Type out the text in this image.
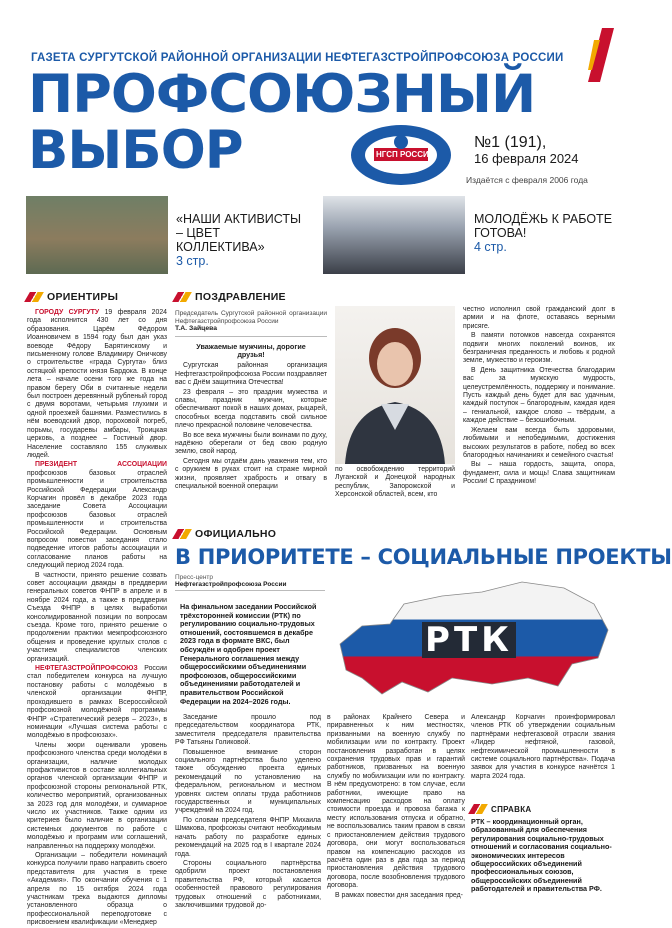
ГАЗЕТА СУРГУТСКОЙ РАЙОННОЙ ОРГАНИЗАЦИИ НЕФТЕГАЗСТРОЙПРОФСОЮЗА РОССИИ
ПРОФСОЮЗНЫЙ
ВЫБОР	НГСП РОССИИ
№1 (191),
16 февраля 2024
Издаётся с февраля 2006 года
«НАШИ АКТИВИСТЫ – ЦВЕТ КОЛЛЕКТИВА»
3 стр.
МОЛОДЁЖЬ К РАБОТЕ ГОТОВА!
4 стр.
ОРИЕНТИРЫ

ГОРОДУ СУРГУТУ 19 февраля 2024 года исполнится 430 лет со дня образования. Царём Фёдором Иоанновичем в 1594 году был дан указ воеводе Фёдору Барятинскому и письменному голове Владимиру Оничкову о строительстве «града Сургута» близ остяцкой крепости князя Бардока. В конце лета – начале осени того же года на правом берегу Оби в считанные недели был построен деревянный рубленый город с двумя воротами, четырьмя глухими и одной проезжей башнями. Разместились в нём воеводский двор, пороховой погреб, порьмы, государевы амбары, Троицкая церковь, а позднее – Гостиный двор. Население составляло 155 служивых людей.

ПРЕЗИДЕНТ АССОЦИАЦИИ профсоюзов базовых отраслей промышленности и строительства Российской Федерации Александр Корчагин провёл в декабре 2023 года заседание Совета Ассоциации профсоюзов базовых отраслей промышленности и строительства Российской Федерации. Основным вопросом повестки заседания стало подведение итогов работы ассоциации и согласование планов работы на следующий период 2024 года.

В частности, принято решение созвать совет ассоциации дважды в преддверии генеральных советов ФНПР в апреле и в ноябре 2024 года, а также в преддверии Съезда ФНПР в целях выработки консолидированной позиции по вопросам съезда. Кроме того, принято решение о продолжении практики межпрофсоюзного общения и проведение круглых столов с участием специалистов членских организаций.

НЕФТЕГАЗСТРОЙПРОФСОЮЗ России стал победителем конкурса на лучшую постановку работы с молодёжью в членской организации ФНПР, проходившего в рамках Всероссийской профсоюзной молодёжной программы ФНПР «Стратегический резерв – 2023», в номинации «Лучшая система работы с молодёжью в профсоюзах».

Члены жюри оценивали уровень профсоюзного членства среди молодёжи в организации, наличие молодых профактивистов в составе коллегиальных органов членской организации ФНПР и профсоюзной стороны региональной РТК, количество мероприятий, организованных за 2023 год для молодёжи, и суммарное число их участников. Также одним из критериев было наличие в организации системных документов по работе с молодёжью и программ или соглашений, направленных на поддержку молодёжи.

Организации – победители номинаций конкурса получили право направить своего представителя для участия в треке «Академия». По окончании обучения с 1 апреля по 15 октября 2024 года участникам трека выдаются дипломы установленного образца о профессиональной переподготовке с присвоением квалификации «Менеджер

ПОЗДРАВЛЕНИЕ
Председатель Сургутской районной организации Нефтегазстройпрофсоюза России
Т.А. Зайцева
Уважаемые мужчины, дорогие друзья!

Сургутская районная организация Нефтегазстройпрофсоюза России поздравляет вас с Днём защитника Отечества!

23 февраля – это праздник мужества и славы, праздник мужчин, которые обеспечивают покой в наших домах, рыцарей, способных всегда подставить свой сильное плечо прекрасной половине человечества.

Во все века мужчины были воинами по духу, надёжно оберегали от бед свою родную землю, свой народ.

Сегодня мы отдаём дань уважения тем, кто с оружием в руках стоит на страже мирной жизни, проявляет храбрость и отвагу в специальной военной операции

по освобождению территорий Луганской и Донецкой народных республик, Запорожской и Херсонской областей, всем, кто

честно исполнил свой гражданский долг в армии и на флоте, оставаясь верными присяге.

В памяти потомков навсегда сохранятся подвиги многих поколений воинов, их безграничная преданность и любовь к родной земле, мужество и героизм.

В День защитника Отечества благодарим вас за мужскую мудрость, целеустремлённость, поддержку и понимание. Пусть каждый день будет для вас удачным, каждый поступок – благородным, каждая идея – гениальной, каждое слово – твёрдым, а каждое действие – безошибочным.

Желаем вам всегда быть здоровыми, любимыми и непобедимыми, достижения высоких результатов в работе, побед во всех благородных начинаниях и семейного счастья!

Вы – наша гордость, защита, опора, фундамент, сила и мощь! Слава защитникам России! С праздником!

ОФИЦИАЛЬНО
В ПРИОРИТЕТЕ – СОЦИАЛЬНЫЕ ПРОЕКТЫ
Пресс-центр
Нефтегазстройпрофсоюза России
На финальном заседании Российской трёхсторонней комиссии (РТК) по регулированию социально-трудовых отношений, состоявшемся в декабре 2023 года в формате ВКС, был обсуждён и одобрен проект Генерального соглашения между общероссийскими объединениями профсоюзов, общероссийскими объединениями работодателей и правительством Российской Федерации на 2024–2026 годы.
РТК

Заседание прошло под председательством координатора РТК, заместителя председателя правительства РФ Татьяны Голиковой.

Повышенное внимание сторон социального партнёрства было уделено также обсуждению проекта единых рекомендаций по установлению на федеральном, региональном и местном уровнях систем оплаты труда работников государственных и муниципальных учреждений на 2024 год.

По словам председателя ФНПР Михаила Шмакова, профсоюзы считают необходимым начать работу по разработке единых рекомендаций на 2025 год в I квартале 2024 года.

Стороны социального партнёрства одобрили проект постановления правительства РФ, который касается особенностей правового регулирования трудовых отношений с работниками, заключившими трудовой до-

в районах Крайнего Севера и приравненных к ним местностях, призванными на военную службу по мобилизации или по контракту. Проект постановления разработан в целях сохранения трудовых прав и гарантий работников, призванных на военную службу по мобилизации или по контракту. В нём предусмотрено: в том случае, если работники, имеющие право на компенсацию расходов на оплату стоимости проезда и провоза багажа к месту использования отпуска и обратно, не воспользовались таким правом в связи с приостановлением действия трудового договора, они могут воспользоваться правом на компенсацию расходов из расчёта один раз в два года за период приостановления действия трудового договора, после возобновления трудового договора.

В рамках повестки дня заседания пред-

Александр Корчагин проинформировал членов РТК об утверждении социальным партнёрами нефтегазовой отрасли звания «Лидер нефтяной, газовой, нефтехимической промышленности в системе социального партнёрства». Подача заявок для участия в конкурсе начнётся 1 марта 2024 года.

СПРАВКА
РТК – координационный орган, образованный для обеспечения регулирования социально-трудовых отношений и согласования социально-экономических интересов общероссийских объединений профессиональных союзов, общероссийских объединений работодателей и правительства РФ.
